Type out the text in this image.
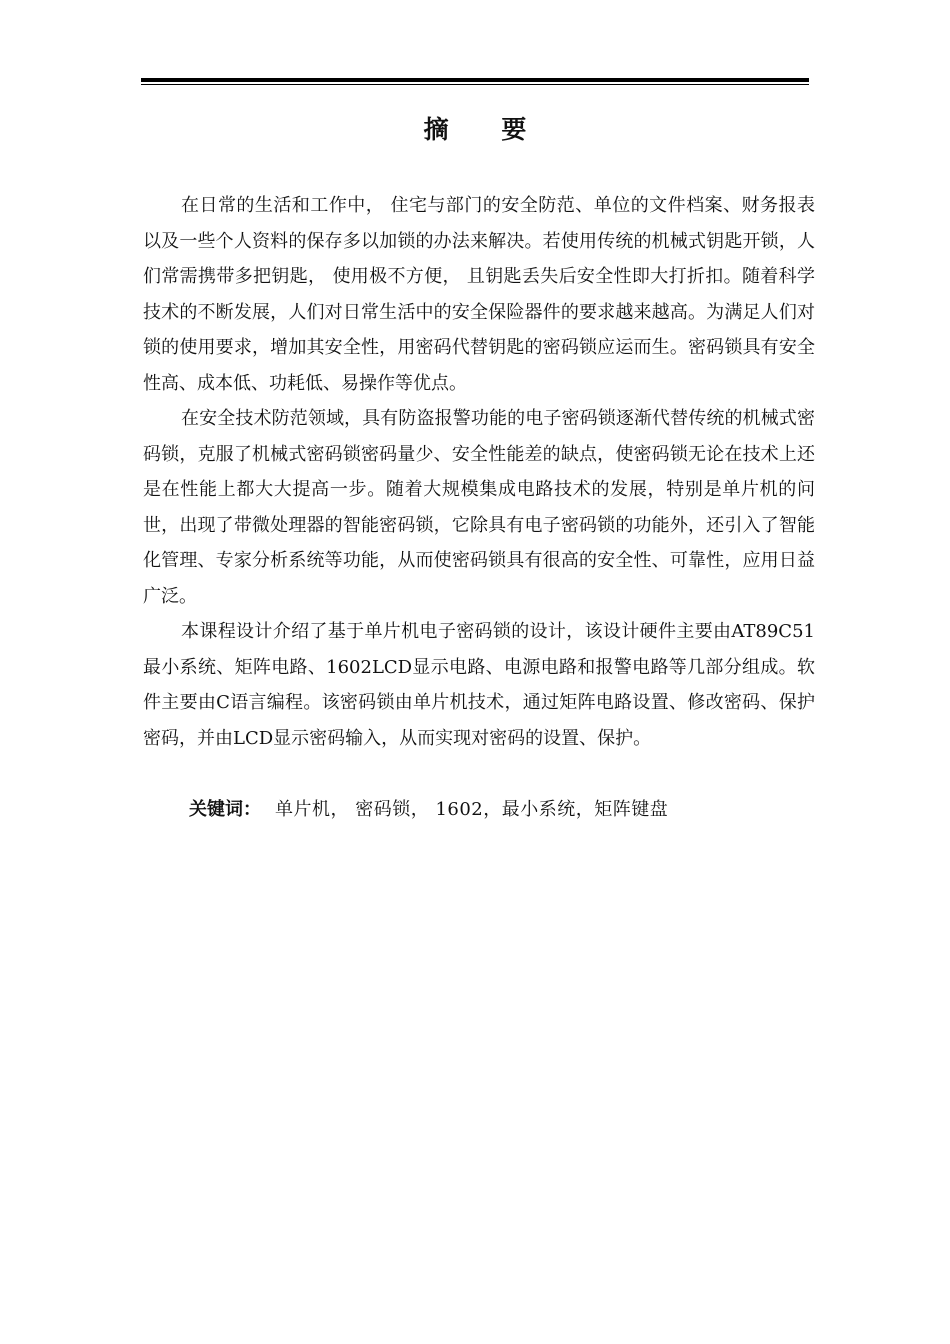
摘 要

在日常的生活和工作中， 住宅与部门的安全防范、单位的文件档案、财务报表以及一些个人资料的保存多以加锁的办法来解决。若使用传统的机械式钥匙开锁，人们常需携带多把钥匙， 使用极不方便， 且钥匙丢失后安全性即大打折扣。随着科学技术的不断发展，人们对日常生活中的安全保险器件的要求越来越高。为满足人们对锁的使用要求，增加其安全性，用密码代替钥匙的密码锁应运而生。密码锁具有安全性高、成本低、功耗低、易操作等优点。

在安全技术防范领域，具有防盗报警功能的电子密码锁逐渐代替传统的机械式密码锁，克服了机械式密码锁密码量少、安全性能差的缺点，使密码锁无论在技术上还是在性能上都大大提高一步。随着大规模集成电路技术的发展，特别是单片机的问世，出现了带微处理器的智能密码锁，它除具有电子密码锁的功能外，还引入了智能化管理、专家分析系统等功能，从而使密码锁具有很高的安全性、可靠性，应用日益广泛。

本课程设计介绍了基于单片机电子密码锁的设计，该设计硬件主要由AT89C51最小系统、矩阵电路、1602LCD显示电路、电源电路和报警电路等几部分组成。软件主要由C语言编程。该密码锁由单片机技术，通过矩阵电路设置、修改密码、保护密码，并由LCD显示密码输入，从而实现对密码的设置、保护。

关键词： 单片机， 密码锁， 1602，最小系统，矩阵键盘
